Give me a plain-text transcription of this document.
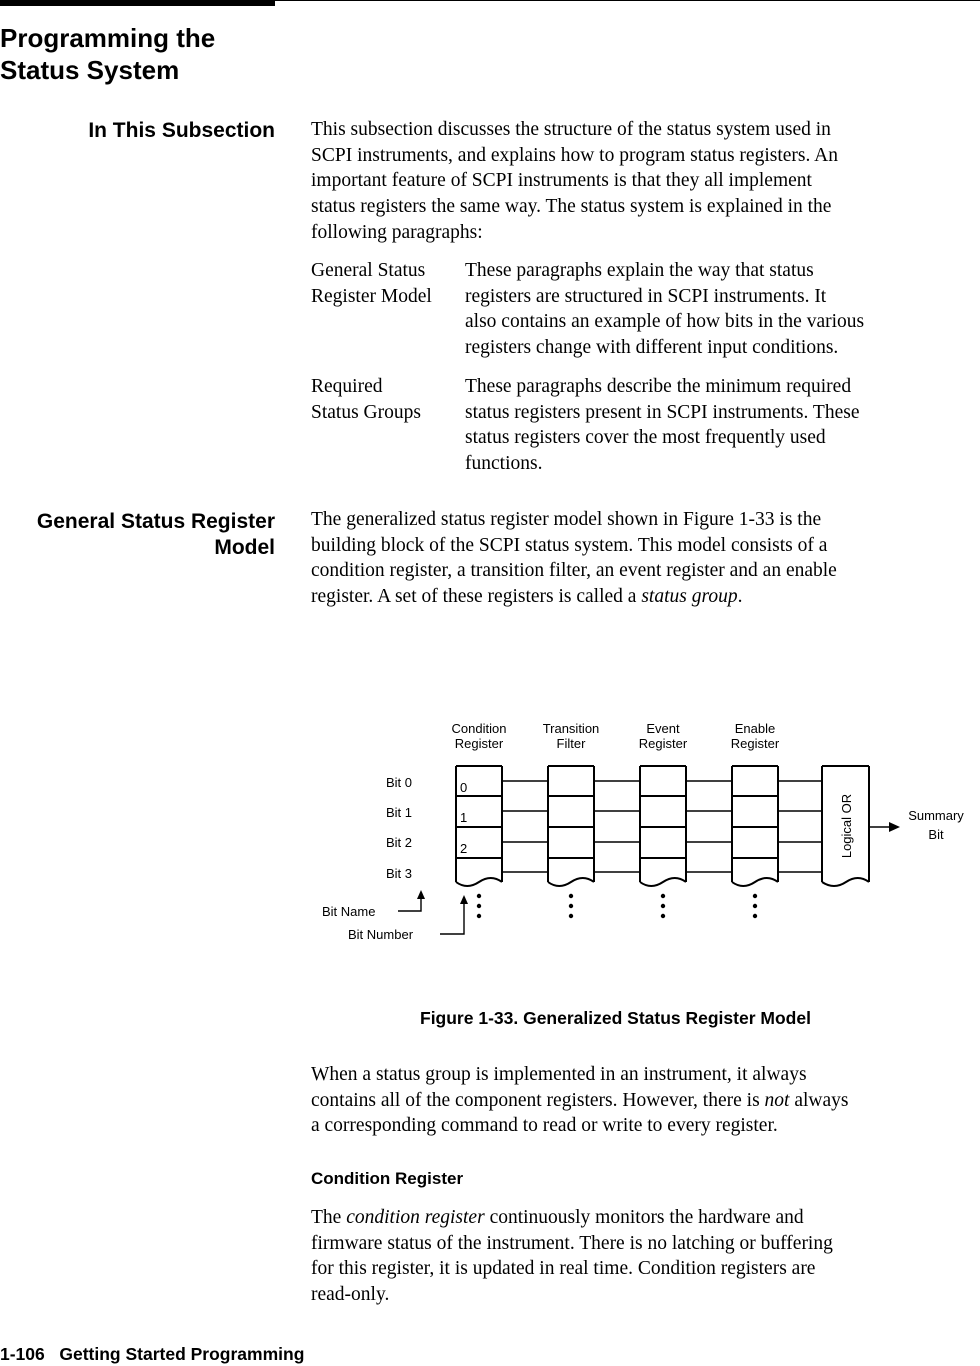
Programming the
Status System
In This Subsection This subsection discusses the structure of the status system used in

SCPI instruments, and explains how to program status registers. An

important feature of SCPI instruments is that they all implement

status registers the same way. The status system is explained in the

following paragraphs:

General Status
Register Model
These paragraphs explain the way that status
registers are structured in SCPI instruments. It
also contains an example of how bits in the various
registers change with different input conditions.
Required
Status Groups
These paragraphs describe the minimum required
status registers present in SCPI instruments. These
status registers cover the most frequently used
functions.
General Status Register
Model

The generalized status register model shown in Figure 1-33 is the

building block of the SCPI status system. This model consists of a

condition register, a transition filter, an event register and an enable

register. A set of these registers is called a status group.

Condition
Register
Transition
Filter
Event
Register
Enable
Register
Bit 0
Bit 1
Bit 2
Bit 3
0
1
2	Logical OR	Summary
Bit
Bit Name
Bit Number
Figure 1-33. Generalized Status Register Model

When a status group is implemented in an instrument, it always

contains all of the component registers. However, there is not always

a corresponding command to read or write to every register.

Condition Register

The condition register continuously monitors the hardware and

firmware status of the instrument. There is no latching or buffering

for this register, it is updated in real time. Condition registers are

read-only.

1-106 Getting Started Programming
